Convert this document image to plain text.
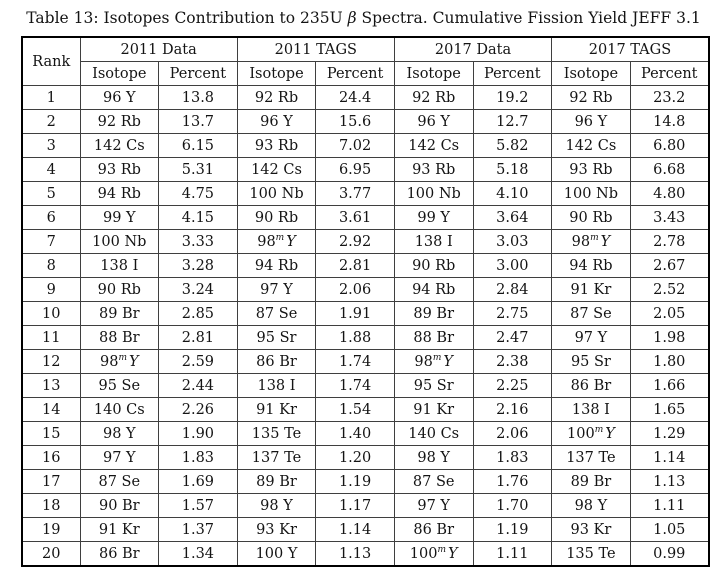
Table 13: Isotopes Contribution to 235U β Spectra. Cumulative Fission Yield JEFF 3.1
Rank	2011 Data		2011 TAGS		2017 Data		2017 TAGS	
	Isotope	Percent	Isotope	Percent	Isotope	Percent	Isotope	Percent
1	96 Y	13.8	92 Rb	24.4	92 Rb	19.2	92 Rb	23.2
2	92 Rb	13.7	96 Y	15.6	96 Y	12.7	96 Y	14.8
3	142 Cs	6.15	93 Rb	7.02	142 Cs	5.82	142 Cs	6.80
4	93 Rb	5.31	142 Cs	6.95	93 Rb	5.18	93 Rb	6.68
5	94 Rb	4.75	100 Nb	3.77	100 Nb	4.10	100 Nb	4.80
6	99 Y	4.15	90 Rb	3.61	99 Y	3.64	90 Rb	3.43
7	100 Nb	3.33	98$^m$ Y	2.92	138 I	3.03	98$^m$ Y	2.78
8	138 I	3.28	94 Rb	2.81	90 Rb	3.00	94 Rb	2.67
9	90 Rb	3.24	97 Y	2.06	94 Rb	2.84	91 Kr	2.52
10	89 Br	2.85	87 Se	1.91	89 Br	2.75	87 Se	2.05
11	88 Br	2.81	95 Sr	1.88	88 Br	2.47	97 Y	1.98
12	98$^m$ Y	2.59	86 Br	1.74	98$^m$ Y	2.38	95 Sr	1.80
13	95 Se	2.44	138 I	1.74	95 Sr	2.25	86 Br	1.66
14	140 Cs	2.26	91 Kr	1.54	91 Kr	2.16	138 I	1.65
15	98 Y	1.90	135 Te	1.40	140 Cs	2.06	100$^m$ Y	1.29
16	97 Y	1.83	137 Te	1.20	98 Y	1.83	137 Te	1.14
17	87 Se	1.69	89 Br	1.19	87 Se	1.76	89 Br	1.13
18	90 Br	1.57	98 Y	1.17	97 Y	1.70	98 Y	1.11
19	91 Kr	1.37	93 Kr	1.14	86 Br	1.19	93 Kr	1.05
20	86 Br	1.34	100 Y	1.13	100$^m$ Y	1.11	135 Te	0.99
